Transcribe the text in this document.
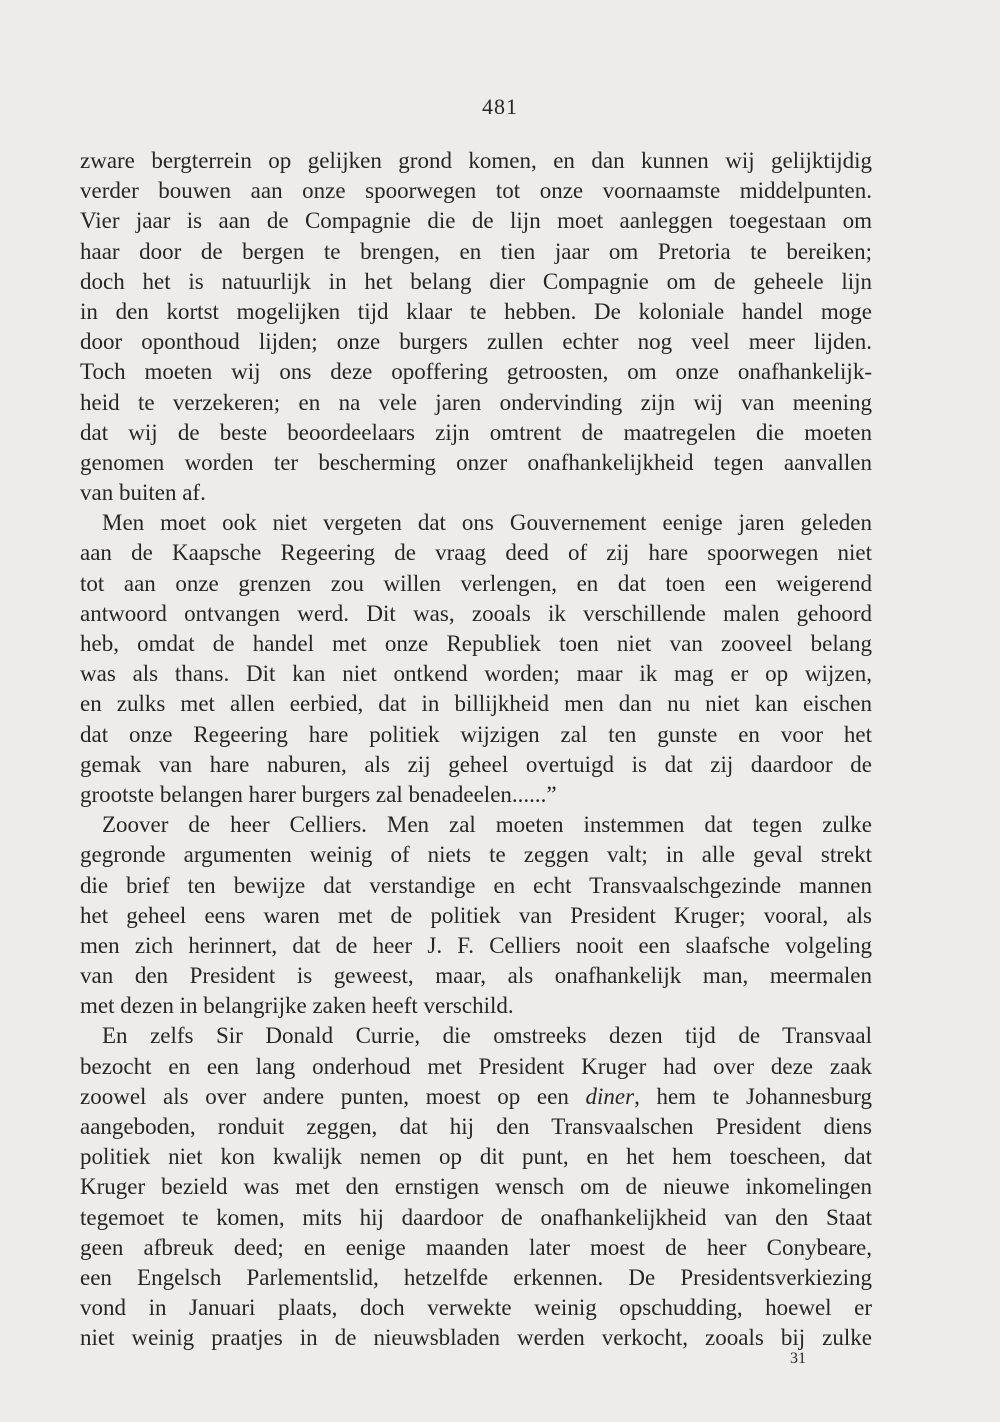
481
zware bergterrein op gelijken grond komen, en dan kunnen wij gelijktijdig
verder bouwen aan onze spoorwegen tot onze voornaamste middelpunten.
Vier jaar is aan de Compagnie die de lijn moet aanleggen toegestaan om
haar door de bergen te brengen, en tien jaar om Pretoria te bereiken;
doch het is natuurlijk in het belang dier Compagnie om de geheele lijn
in den kortst mogelijken tijd klaar te hebben. De koloniale handel moge
door oponthoud lijden; onze burgers zullen echter nog veel meer lijden.
Toch moeten wij ons deze opoffering getroosten, om onze onafhankelijk-
heid te verzekeren; en na vele jaren ondervinding zijn wij van meening
dat wij de beste beoordeelaars zijn omtrent de maatregelen die moeten
genomen worden ter bescherming onzer onafhankelijkheid tegen aanvallen
van buiten af.
Men moet ook niet vergeten dat ons Gouvernement eenige jaren geleden
aan de Kaapsche Regeering de vraag deed of zij hare spoorwegen niet
tot aan onze grenzen zou willen verlengen, en dat toen een weigerend
antwoord ontvangen werd. Dit was, zooals ik verschillende malen gehoord
heb, omdat de handel met onze Republiek toen niet van zooveel belang
was als thans. Dit kan niet ontkend worden; maar ik mag er op wijzen,
en zulks met allen eerbied, dat in billijkheid men dan nu niet kan eischen
dat onze Regeering hare politiek wijzigen zal ten gunste en voor het
gemak van hare naburen, als zij geheel overtuigd is dat zij daardoor de
grootste belangen harer burgers zal benadeelen......”
Zoover de heer Celliers. Men zal moeten instemmen dat tegen zulke
gegronde argumenten weinig of niets te zeggen valt; in alle geval strekt
die brief ten bewijze dat verstandige en echt Transvaalschgezinde mannen
het geheel eens waren met de politiek van President Kruger; vooral, als
men zich herinnert, dat de heer J. F. Celliers nooit een slaafsche volgeling
van den President is geweest, maar, als onafhankelijk man, meermalen
met dezen in belangrijke zaken heeft verschild.
En zelfs Sir Donald Currie, die omstreeks dezen tijd de Transvaal
bezocht en een lang onderhoud met President Kruger had over deze zaak
zoowel als over andere punten, moest op een diner, hem te Johannesburg
aangeboden, ronduit zeggen, dat hij den Transvaalschen President diens
politiek niet kon kwalijk nemen op dit punt, en het hem toescheen, dat
Kruger bezield was met den ernstigen wensch om de nieuwe inkomelingen
tegemoet te komen, mits hij daardoor de onafhankelijkheid van den Staat
geen afbreuk deed; en eenige maanden later moest de heer Conybeare,
een Engelsch Parlementslid, hetzelfde erkennen. De Presidentsverkiezing
vond in Januari plaats, doch verwekte weinig opschudding, hoewel er
niet weinig praatjes in de nieuwsbladen werden verkocht, zooals bij zulke
31
